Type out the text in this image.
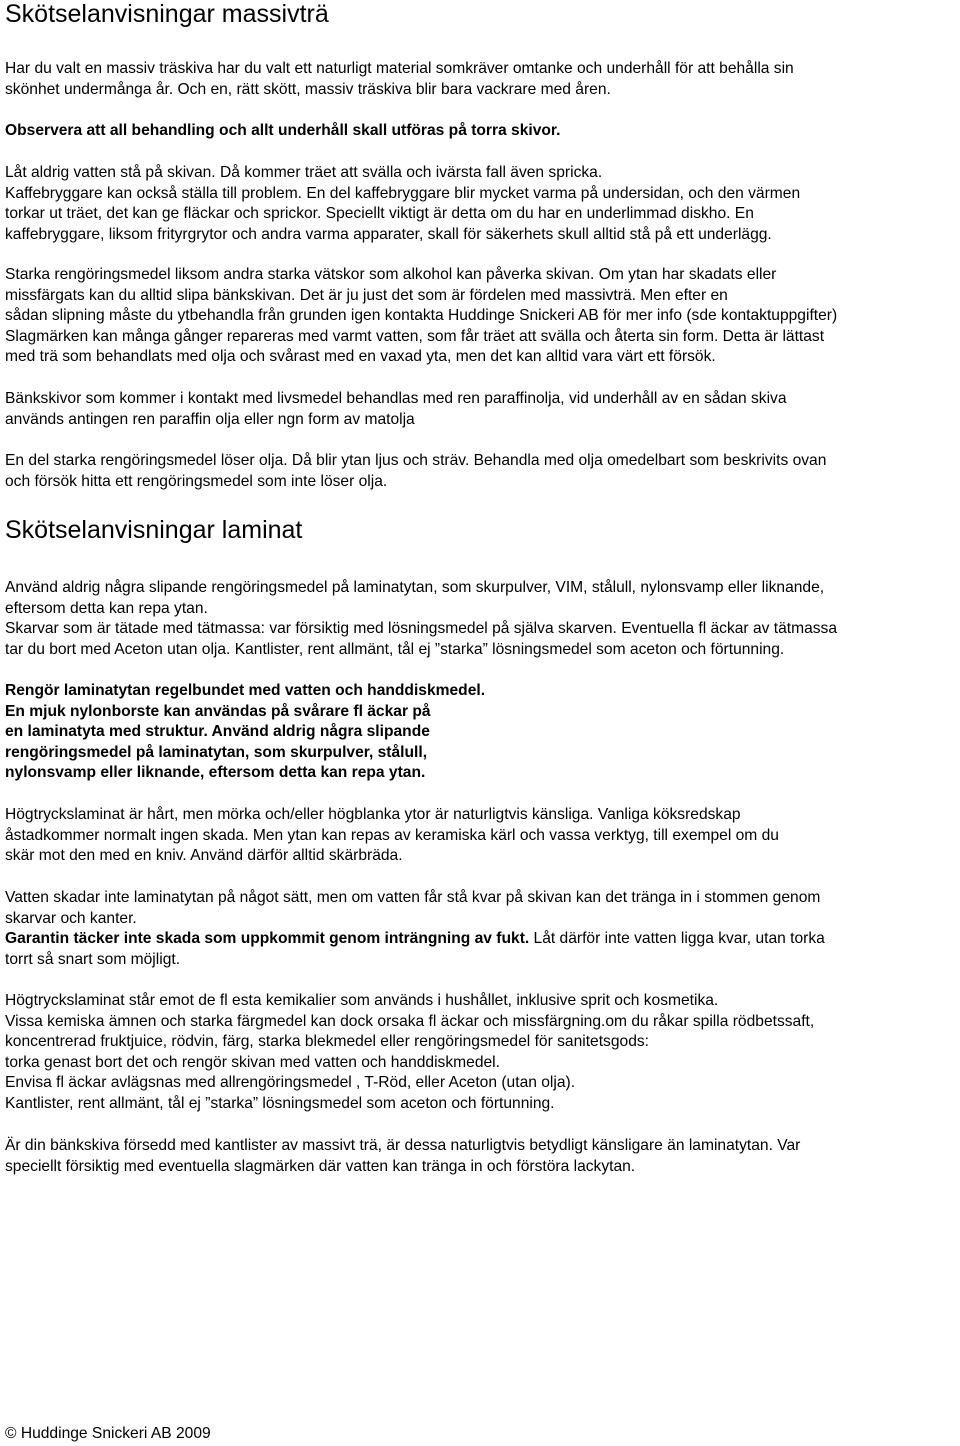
Skötselanvisningar massivträ
Har du valt en massiv träskiva har du valt ett naturligt material somkräver omtanke och underhåll för att behålla sin
skönhet undermånga år. Och en, rätt skött, massiv träskiva blir bara vackrare med åren.
Observera att all behandling och allt underhåll skall utföras på torra skivor.
Låt aldrig vatten stå på skivan. Då kommer träet att svälla och ivärsta fall även spricka.
Kaffebryggare kan också ställa till problem. En del kaffebryggare blir mycket varma på undersidan, och den värmen
torkar ut träet, det kan ge fläckar och sprickor. Speciellt viktigt är detta om du har en underlimmad diskho. En
kaffebryggare, liksom frityrgrytor och andra varma apparater, skall för säkerhets skull alltid stå på ett underlägg.
Starka rengöringsmedel liksom andra starka vätskor som alkohol kan påverka skivan. Om ytan har skadats eller
missfärgats kan du alltid slipa bänkskivan. Det är ju just det som är fördelen med massivträ. Men efter en
sådan slipning måste du ytbehandla från grunden igen kontakta Huddinge Snickeri AB för mer info (sde kontaktuppgifter)
Slagmärken kan många gånger repareras med varmt vatten, som får träet att svälla och återta sin form. Detta är lättast
med trä som behandlats med olja och svårast med en vaxad yta, men det kan alltid vara värt ett försök.
Bänkskivor som kommer i kontakt med livsmedel behandlas med ren paraffinolja, vid underhåll av en sådan skiva
används antingen ren paraffin olja eller ngn form av matolja
En del starka rengöringsmedel löser olja. Då blir ytan ljus och sträv. Behandla med olja omedelbart som beskrivits ovan
och försök hitta ett rengöringsmedel som inte löser olja.
Skötselanvisningar laminat
Använd aldrig några slipande rengöringsmedel på laminatytan, som skurpulver, VIM, stålull, nylonsvamp eller liknande,
eftersom detta kan repa ytan.
Skarvar som är tätade med tätmassa: var försiktig med lösningsmedel på själva skarven. Eventuella fl äckar av tätmassa
tar du bort med Aceton utan olja. Kantlister, rent allmänt, tål ej ”starka” lösningsmedel som aceton och förtunning.
Rengör laminatytan regelbundet med vatten och handdiskmedel.
En mjuk nylonborste kan användas på svårare fl äckar på
en laminatyta med struktur. Använd aldrig några slipande
rengöringsmedel på laminatytan, som skurpulver, stålull,
nylonsvamp eller liknande, eftersom detta kan repa ytan.
Högtryckslaminat är hårt, men mörka och/eller högblanka ytor är naturligtvis känsliga. Vanliga köksredskap
åstadkommer normalt ingen skada. Men ytan kan repas av keramiska kärl och vassa verktyg, till exempel om du
skär mot den med en kniv. Använd därför alltid skärbräda.
Vatten skadar inte laminatytan på något sätt, men om vatten får stå kvar på skivan kan det tränga in i stommen genom
skarvar och kanter.
Garantin täcker inte skada som uppkommit genom inträngning av fukt. Låt därför inte vatten ligga kvar, utan torka
torrt så snart som möjligt.
Högtryckslaminat står emot de fl esta kemikalier som används i hushållet, inklusive sprit och kosmetika.
Vissa kemiska ämnen och starka färgmedel kan dock orsaka fl äckar och missfärgning.om du råkar spilla rödbetssaft,
koncentrerad fruktjuice, rödvin, färg, starka blekmedel eller rengöringsmedel för sanitetsgods:
torka genast bort det och rengör skivan med vatten och handdiskmedel.
Envisa fl äckar avlägsnas med allrengöringsmedel , T-Röd, eller Aceton (utan olja).
Kantlister, rent allmänt, tål ej ”starka” lösningsmedel som aceton och förtunning.
Är din bänkskiva försedd med kantlister av massivt trä, är dessa naturligtvis betydligt känsligare än laminatytan. Var
speciellt försiktig med eventuella slagmärken där vatten kan tränga in och förstöra lackytan.
© Huddinge Snickeri AB 2009
